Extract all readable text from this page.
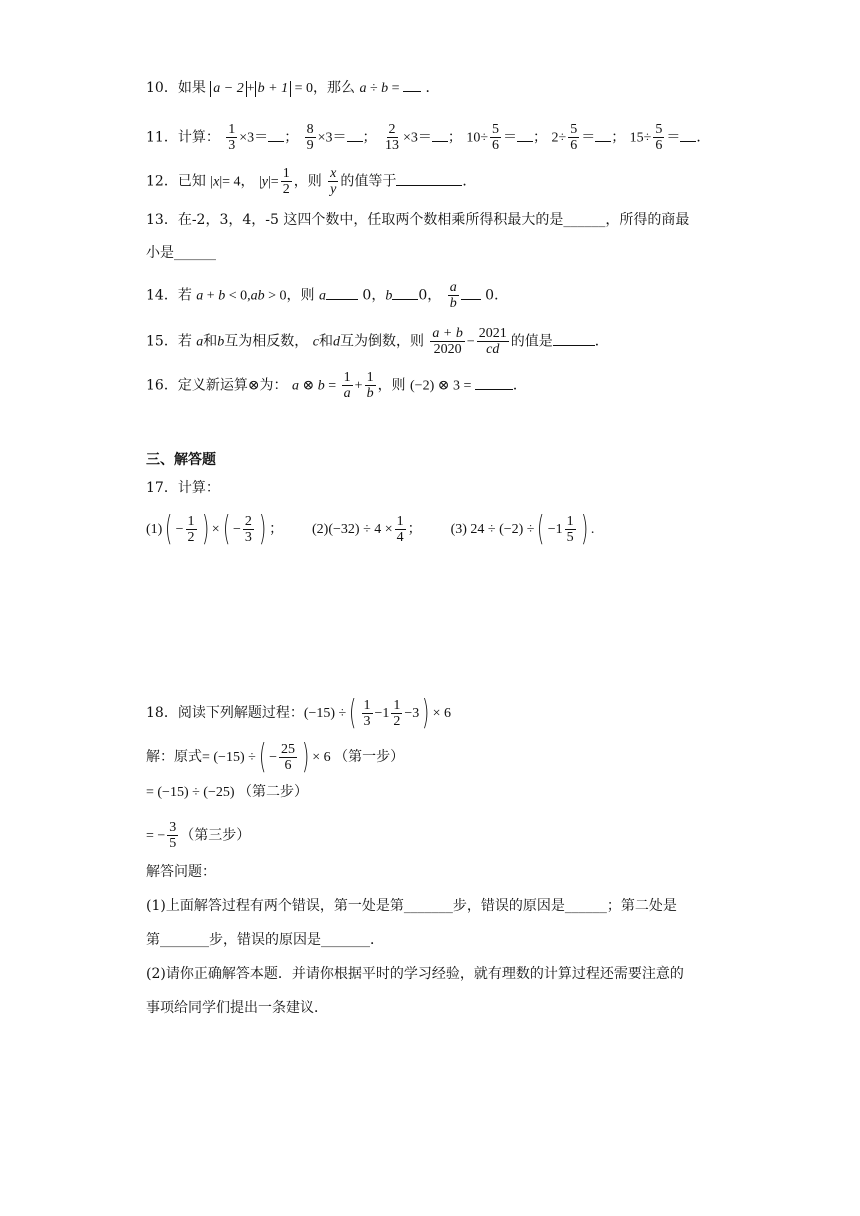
10．如果 a − 2 + b + 1 = 0，那么 a ÷ b =  ．
11．计算： $\frac{1}{3} \times 3=$ ； $\frac{8}{9} \times 3=$ ； $\frac{2}{13} \times 3=$ ； $10\div \frac{5}{6}$ ＝ ； $2\div \frac{5}{6}$ ＝ ； $15\div \frac{5}{6}$ ＝ ．
12．已知 |x|= 4， $|y|= \frac{1}{2}$ ，则 $\frac{x}{y}$ 的值等于	．
13．在-2，3，4，-5 这四个数中，任取两个数相乘所得积最大的是______，所得的商最
小是______
14．若 a + b < 0,ab > 0，则 a	0，b 0， $\frac{a}{b} 0$．
15．若 a和b互为相反数， c和d互为倒数，则 $\frac{a + b}{2020} - \frac{2021}{cd}$ 的值是	．
16．定义新运算⊗为： a ⊗ $b = \frac{1}{a} + \frac{1}{b}$ ，则 (−2) ⊗ 3 =	．
三、解答题
17．计算：
$(1)( - \frac{1}{2}$ ) ×( − $\frac{2}{3}$ ) ； $(2)(-32) \div 4 \times \frac{1}{4}$ ； (3) 24 ÷ (−2) ÷( $-1 \frac{1}{5}$ ) .
18．阅读下列解题过程：(−15) ÷( $\frac{1}{3} -1 \frac{1}{2} -3) \times 6$
解：原式= (−15) ÷( − $\frac{25}{6}$ ) × 6 （第一步）
= (−15) ÷ (−25) （第二步）
= − $\frac{3}{5}$ （第三步）
解答问题：
(1)上面解答过程有两个错误，第一处是第_______步，错误的原因是______；第二处是
第_______步，错误的原因是_______．
(2)请你正确解答本题．并请你根据平时的学习经验，就有理数的计算过程还需要注意的
事项给同学们提出一条建议．
